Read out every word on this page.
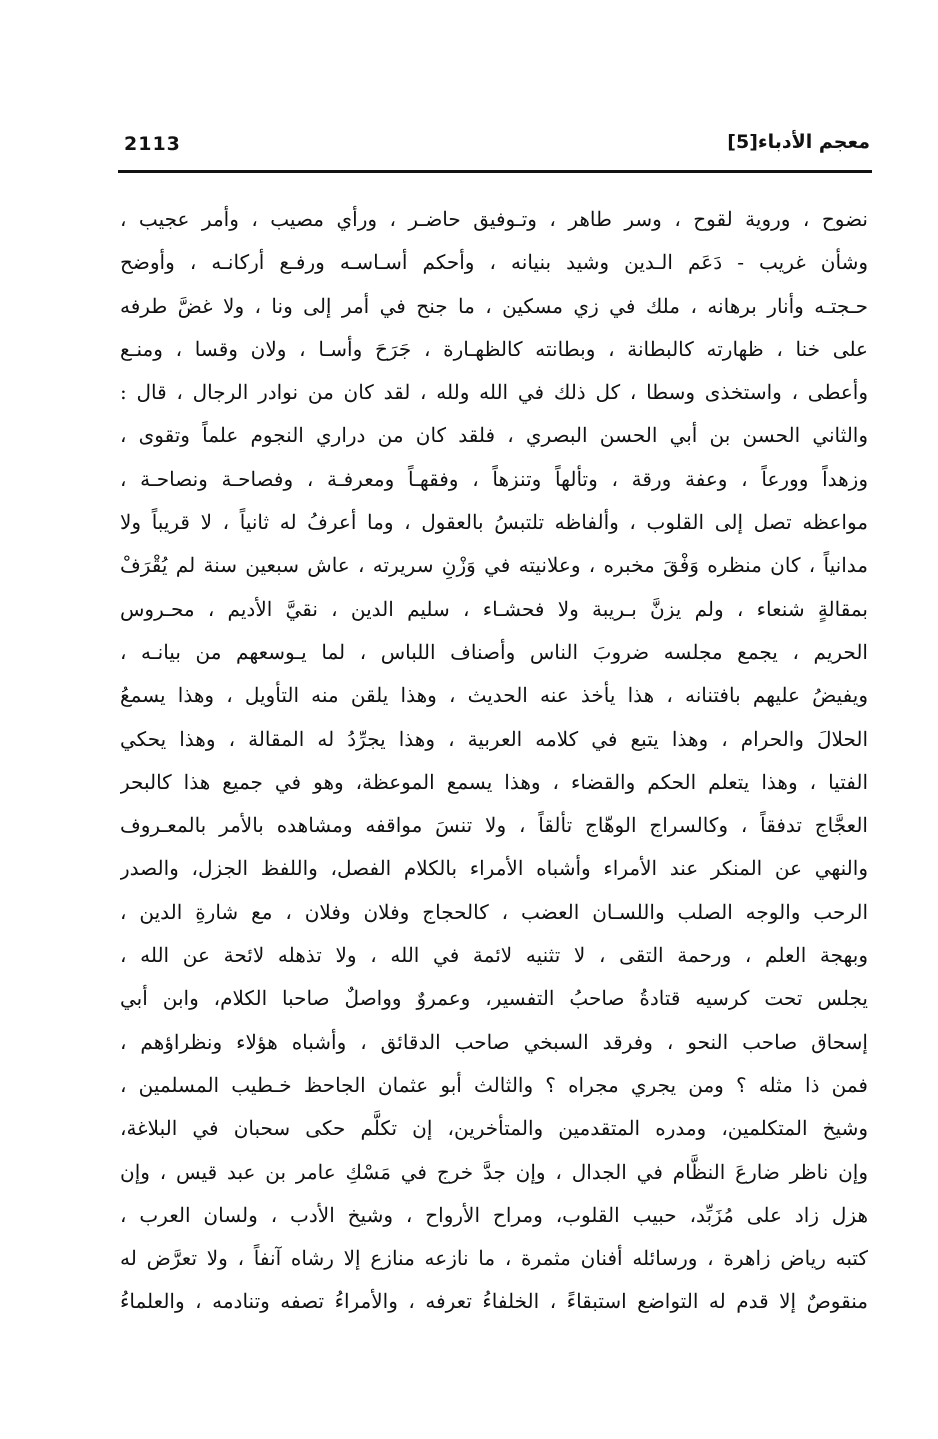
معجم الأدباء[5]
2113
نضوح ، وروية لقوح ، وسر طاهر ، وتـوفيق حاضـر ، ورأي مصيب ، وأمر عجيب ،
وشأن غريب - دَعَم الـدين وشيد بنيانه ، وأحكم أسـاسـه ورفـع أركانـه ، وأوضح
حـجتـه وأنار برهانه ، ملك في زي مسكين ، ما جنح في أمر إلى ونا ، ولا غضَّ طرفه
على خنا ، ظهارته كالبطانة ، وبطانته كالظهـارة ، جَرَحَ وأسـا ، ولان وقسا ، ومنـع
وأعطى ، واستخذى وسطا ، كل ذلك في الله ولله ، لقد كان من نوادر الرجال ، قال :
والثاني الحسن بن أبي الحسن البصري ، فلقد كان من دراري النجوم علماً وتقوى ،
وزهداً وورعاً ، وعفة ورقة ، وتألهاً وتنزهاً ، وفقهـاً ومعرفـة ، وفصاحـة ونصاحـة ،
مواعظه تصل إلى القلوب ، وألفاظه تلتبسُ بالعقول ، وما أعرفُ له ثانياً ، لا قريباً ولا
مدانياً ، كان منظره وَفْقَ مخبره ، وعلانيته في وَزْنِ سريرته ، عاش سبعين سنة لم يُقْرَفْ
بمقالةٍ شنعاء ، ولم يزنَّ بـريبة ولا فحشـاء ، سليم الدين ، نقيَّ الأديم ، محـروس
الحريم ، يجمع مجلسه ضروبَ الناس وأصناف اللباس ، لما يـوسعهم من بيانـه ،
ويفيضُ عليهم بافتنانه ، هذا يأخذ عنه الحديث ، وهذا يلقن منه التأويل ، وهذا يسمعُ
الحلالَ والحرام ، وهذا يتبع في كلامه العربية ، وهذا يجرِّدُ له المقالة ، وهذا يحكي
الفتيا ، وهذا يتعلم الحكم والقضاء ، وهذا يسمع الموعظة، وهو في جميع هذا كالبحر
العجَّاج تدفقاً ، وكالسراج الوهّاج تألقاً ، ولا تنسَ مواقفه ومشاهده بالأمر بالمعـروف
والنهي عن المنكر عند الأمراء وأشباه الأمراء بالكلام الفصل، واللفظ الجزل، والصدر
الرحب والوجه الصلب واللسـان العضب ، كالحجاج وفلان وفلان ، مع شارةِ الدين ،
وبهجة العلم ، ورحمة التقى ، لا تثنيه لائمة في الله ، ولا تذهله لائحة عن الله ،
يجلس تحت كرسيه قتادةُ صاحبُ التفسير، وعمروٌ وواصلٌ صاحبا الكلام، وابن أبي
إسحاق صاحب النحو ، وفرقد السبخي صاحب الدقائق ، وأشباه هؤلاء ونظراؤهم ،
فمن ذا مثله ؟ ومن يجري مجراه ؟ والثالث أبو عثمان الجاحظ خـطيب المسلمين ،
وشيخ المتكلمين، ومدره المتقدمين والمتأخرين، إن تكلَّم حكى سحبان في البلاغة،
وإن ناظر ضارعَ النظَّام في الجدال ، وإن جدَّ خرج في مَسْكِ عامر بن عبد قيس ، وإن
هزل زاد على مُزَبِّد، حبيب القلوب، ومراح الأرواح ، وشيخ الأدب ، ولسان العرب ،
كتبه رياض زاهرة ، ورسائله أفنان مثمرة ، ما نازعه منازع إلا رشاه آنفاً ، ولا تعرَّض له
منقوصٌ إلا قدم له التواضع استبقاءً ، الخلفاءُ تعرفه ، والأمراءُ تصفه وتنادمه ، والعلماءُ
